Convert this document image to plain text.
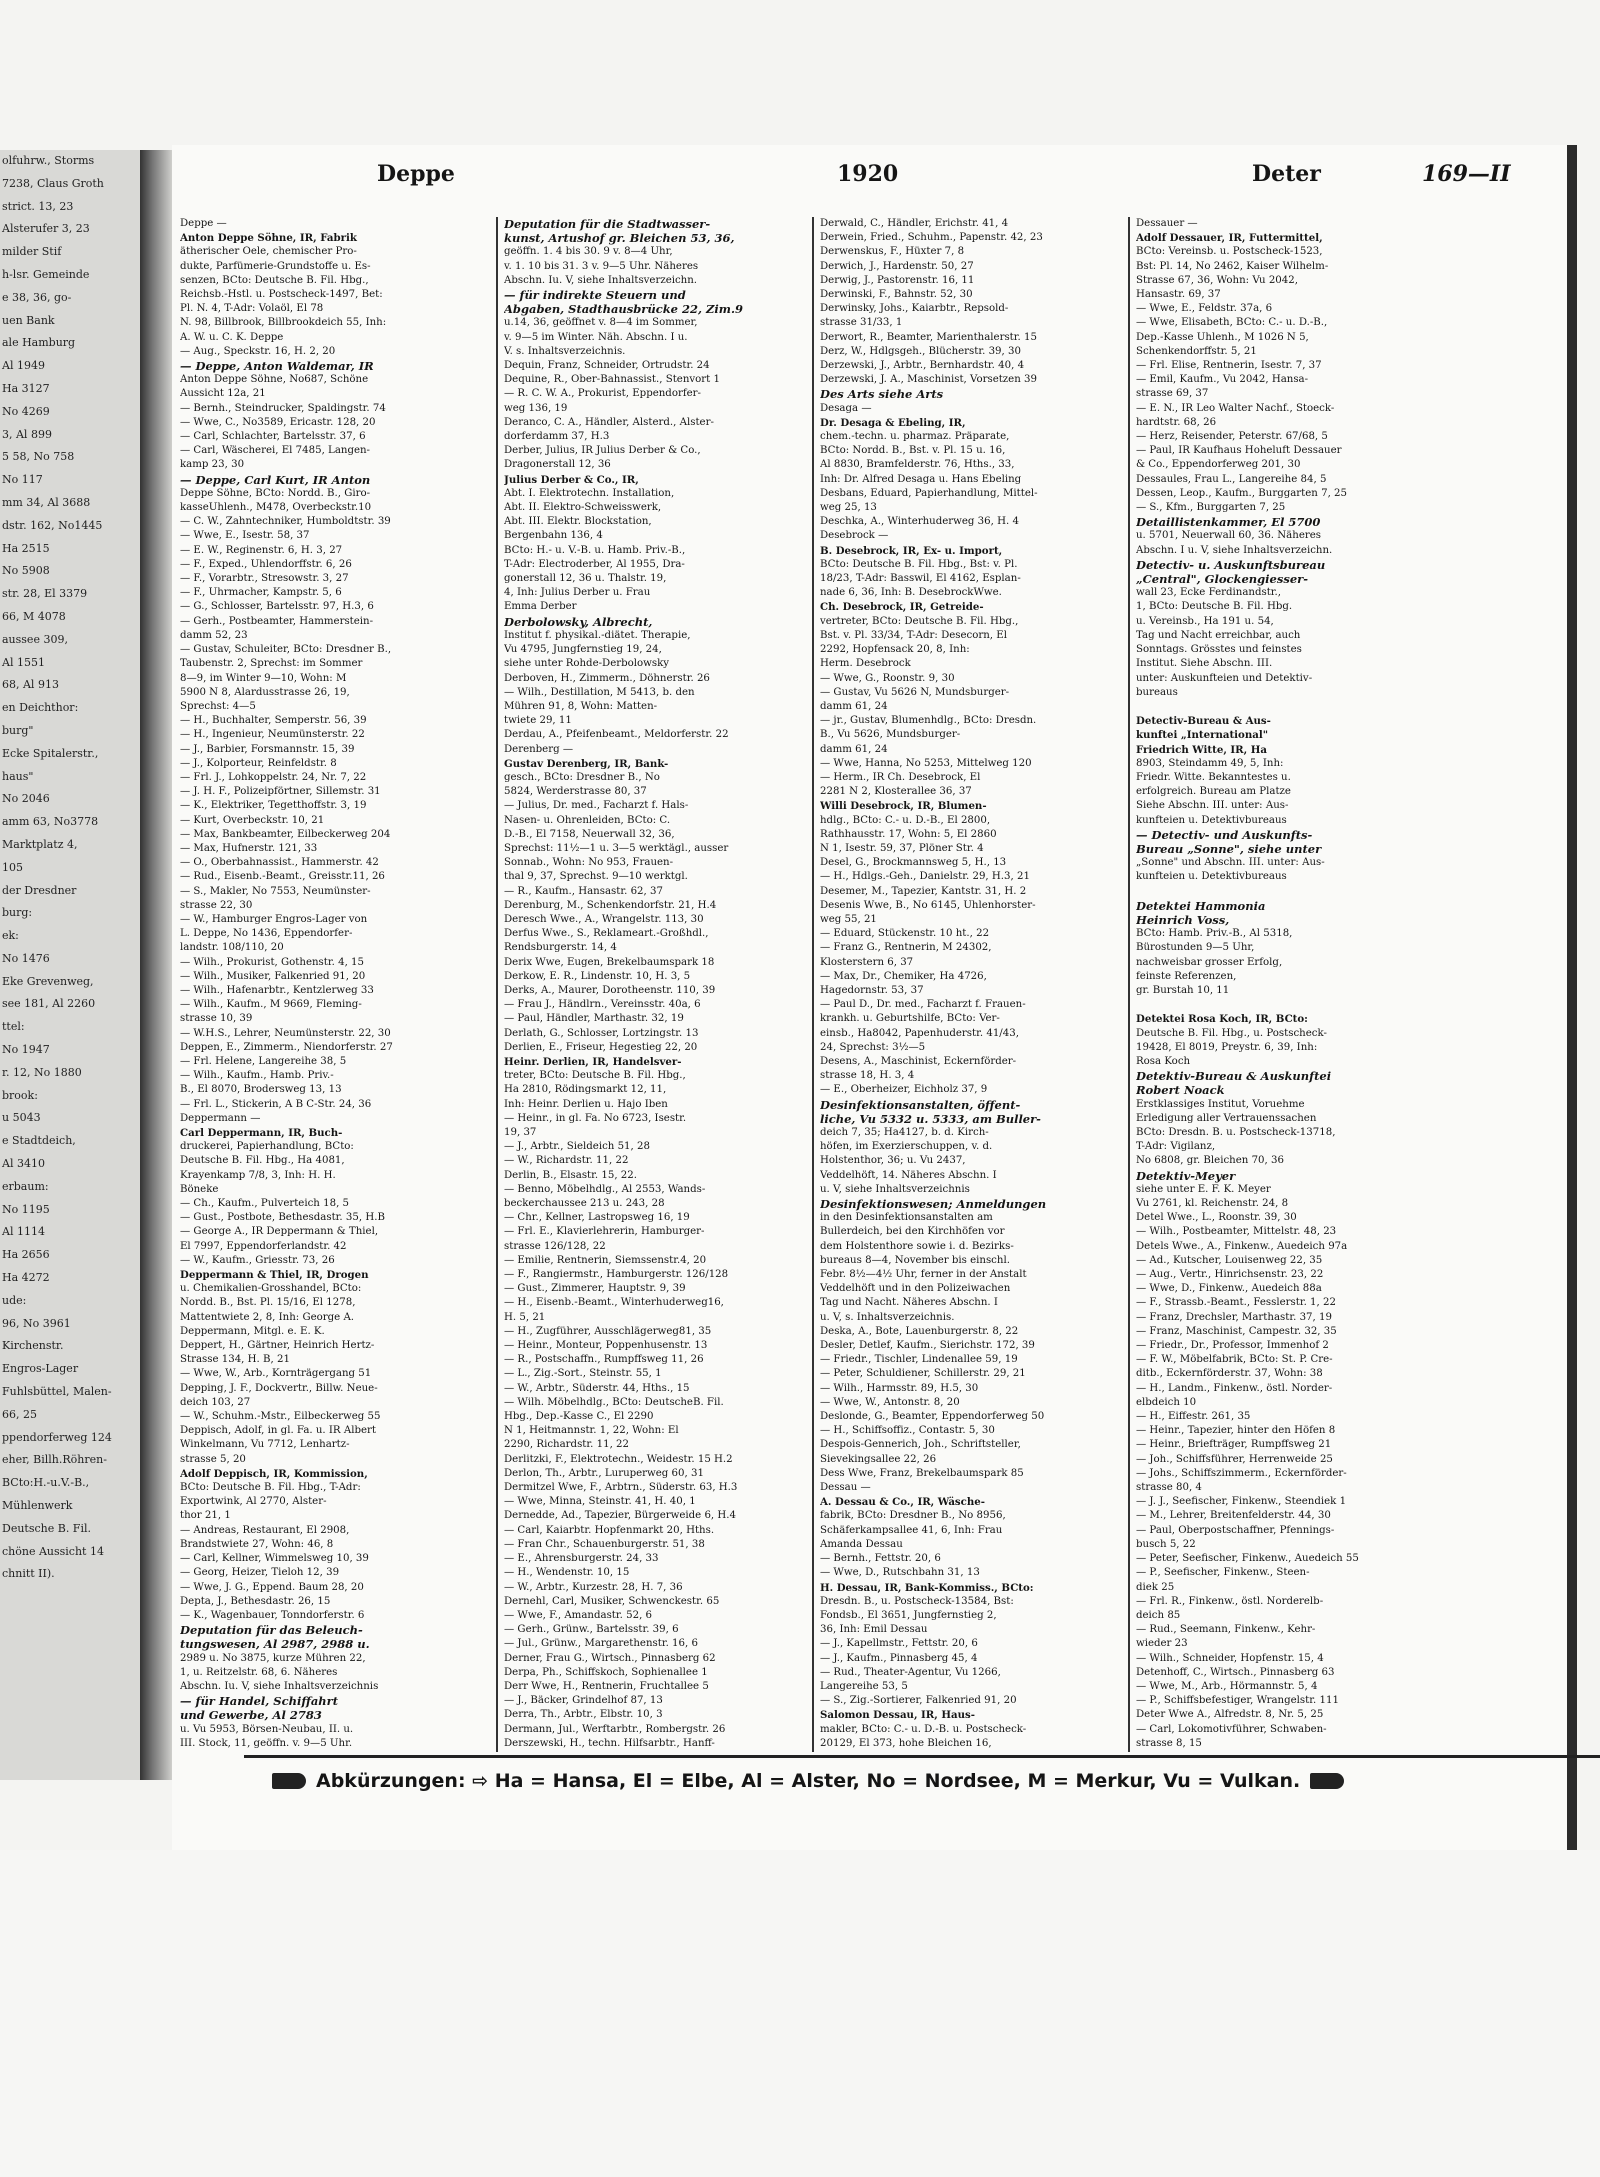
olfuhrw., Storms
7238, Claus Groth
strict. 13, 23
Alsterufer 3, 23
milder Stif
h-lsr. Gemeinde
e 38, 36, go-
uen Bank
ale Hamburg
Al 1949
Ha 3127
No 4269
3, Al 899
5 58, No 758
No 117
mm 34, Al 3688
dstr. 162, No1445
Ha 2515
No 5908
str. 28, El 3379
66, M 4078
aussee 309,
Al 1551
68, Al 913
en Deichthor:
burg"
Ecke Spitalerstr.,
haus"
No 2046
amm 63, No3778
Marktplatz 4,
105
der Dresdner
burg:
ek:
No 1476
Eke Grevenweg,
see 181, Al 2260
ttel:
No 1947
r. 12, No 1880
brook:
u 5043
e Stadtdeich,
Al 3410
erbaum:
No 1195
Al 1114
Ha 2656
Ha 4272
ude:
96, No 3961
Kirchenstr.
Engros-Lager
Fuhlsbüttel, Malen-
66, 25
ppendorferweg 124
eher, Billh.Röhren-
BCto:H.-u.V.-B.,
Mühlenwerk
Deutsche B. Fil.
chöne Aussicht 14
chnitt II).
Deppe	1920	Deter	169—II
Deppe —
Anton Deppe Söhne, IR, Fabrik
ätherischer Oele, chemischer Pro-
dukte, Parfümerie-Grundstoffe u. Es-
senzen, BCto: Deutsche B. Fil. Hbg.,
Reichsb.-Hstl. u. Postscheck-1497, Bet:
Pl. N. 4, T-Adr: Volaöl, El 78
N. 98, Billbrook, Billbrookdeich 55, Inh:
A. W. u. C. K. Deppe
— Aug., Speckstr. 16, H. 2, 20
— Deppe, Anton Waldemar, IR
Anton Deppe Söhne, No687, Schöne
Aussicht 12a, 21
— Bernh., Steindrucker, Spaldingstr. 74
— Wwe, C., No3589, Ericastr. 128, 20
— Carl, Schlachter, Bartelsstr. 37, 6
— Carl, Wäscherei, El 7485, Langen-
kamp 23, 30
— Deppe, Carl Kurt, IR Anton
Deppe Söhne, BCto: Nordd. B., Giro-
kasseUhlenh., M478, Overbeckstr.10
— C. W., Zahntechniker, Humboldtstr. 39
— Wwe, E., Isestr. 58, 37
— E. W., Reginenstr. 6, H. 3, 27
— F., Exped., Uhlendorffstr. 6, 26
— F., Vorarbtr., Stresowstr. 3, 27
— F., Uhrmacher, Kampstr. 5, 6
— G., Schlosser, Bartelsstr. 97, H.3, 6
— Gerh., Postbeamter, Hammerstein-
damm 52, 23
— Gustav, Schuleiter, BCto: Dresdner B.,
Taubenstr. 2, Sprechst: im Sommer
8—9, im Winter 9—10, Wohn: M
5900 N 8, Alardusstrasse 26, 19,
Sprechst: 4—5
— H., Buchhalter, Semperstr. 56, 39
— H., Ingenieur, Neumünsterstr. 22
— J., Barbier, Forsmannstr. 15, 39
— J., Kolporteur, Reinfeldstr. 8
— Frl. J., Lohkoppelstr. 24, Nr. 7, 22
— J. H. F., Polizeipförtner, Sillemstr. 31
— K., Elektriker, Tegetthoffstr. 3, 19
— Kurt, Overbeckstr. 10, 21
— Max, Bankbeamter, Eilbeckerweg 204
— Max, Hufnerstr. 121, 33
— O., Oberbahnassist., Hammerstr. 42
— Rud., Eisenb.-Beamt., Greisstr.11, 26
— S., Makler, No 7553, Neumünster-
strasse 22, 30
— W., Hamburger Engros-Lager von
L. Deppe, No 1436, Eppendorfer-
landstr. 108/110, 20
— Wilh., Prokurist, Gothenstr. 4, 15
— Wilh., Musiker, Falkenried 91, 20
— Wilh., Hafenarbtr., Kentzlerweg 33
— Wilh., Kaufm., M 9669, Fleming-
strasse 10, 39
— W.H.S., Lehrer, Neumünsterstr. 22, 30
Deppen, E., Zimmerm., Niendorferstr. 27
— Frl. Helene, Langereihe 38, 5
— Wilh., Kaufm., Hamb. Priv.-
B., El 8070, Brodersweg 13, 13
— Frl. L., Stickerin, A B C-Str. 24, 36
Deppermann —
Carl Deppermann, IR, Buch-
druckerei, Papierhandlung, BCto:
Deutsche B. Fil. Hbg., Ha 4081,
Krayenkamp 7/8, 3, Inh: H. H.
Böneke
— Ch., Kaufm., Pulverteich 18, 5
— Gust., Postbote, Bethesdastr. 35, H.B
— George A., IR Deppermann & Thiel,
El 7997, Eppendorferlandstr. 42
— W., Kaufm., Griesstr. 73, 26
Deppermann & Thiel, IR, Drogen
u. Chemikalien-Grosshandel, BCto:
Nordd. B., Bst. Pl. 15/16, El 1278,
Mattentwiete 2, 8, Inh: George A.
Deppermann, Mitgl. e. E. K.
Deppert, H., Gärtner, Heinrich Hertz-
Strasse 134, H. B, 21
— Wwe, W., Arb., Kornträgergang 51
Depping, J. F., Dockvertr., Billw. Neue-
deich 103, 27
— W., Schuhm.-Mstr., Eilbeckerweg 55
Deppisch, Adolf, in gl. Fa. u. IR Albert
Winkelmann, Vu 7712, Lenhartz-
strasse 5, 20
Adolf Deppisch, IR, Kommission,
BCto: Deutsche B. Fil. Hbg., T-Adr:
Exportwink, Al 2770, Alster-
thor 21, 1
— Andreas, Restaurant, El 2908,
Brandstwiete 27, Wohn: 46, 8
— Carl, Kellner, Wimmelsweg 10, 39
— Georg, Heizer, Tieloh 12, 39
— Wwe, J. G., Eppend. Baum 28, 20
Depta, J., Bethesdastr. 26, 15
— K., Wagenbauer, Tonndorferstr. 6
Deputation für das Beleuch-
tungswesen, Al 2987, 2988 u.
2989 u. No 3875, kurze Mühren 22,
1, u. Reitzelstr. 68, 6. Näheres
Abschn. Iu. V, siehe Inhaltsverzeichnis
— für Handel, Schiffahrt
und Gewerbe, Al 2783
u. Vu 5953, Börsen-Neubau, II. u.
III. Stock, 11, geöffn. v. 9—5 Uhr.
Deputation für die Stadtwasser-
kunst, Artushof gr. Bleichen 53, 36,
geöffn. 1. 4 bis 30. 9 v. 8—4 Uhr,
v. 1. 10 bis 31. 3 v. 9—5 Uhr. Näheres
Abschn. Iu. V, siehe Inhaltsverzeichn.
— für indirekte Steuern und
Abgaben, Stadthausbrücke 22, Zim.9
u.14, 36, geöffnet v. 8—4 im Sommer,
v. 9—5 im Winter. Näh. Abschn. I u.
V. s. Inhaltsverzeichnis.
Dequin, Franz, Schneider, Ortrudstr. 24
Dequine, R., Ober-Bahnassist., Stenvort 1
— R. C. W. A., Prokurist, Eppendorfer-
weg 136, 19
Deranco, C. A., Händler, Alsterd., Alster-
dorferdamm 37, H.3
Derber, Julius, IR Julius Derber & Co.,
Dragonerstall 12, 36
Julius Derber & Co., IR,
Abt. I. Elektrotechn. Installation,
Abt. II. Elektro-Schweisswerk,
Abt. III. Elektr. Blockstation,
Bergenbahn 136, 4
BCto: H.- u. V.-B. u. Hamb. Priv.-B.,
T-Adr: Electroderber, Al 1955, Dra-
gonerstall 12, 36 u. Thalstr. 19,
4, Inh: Julius Derber u. Frau
Emma Derber
Derbolowsky, Albrecht,
Institut f. physikal.-diätet. Therapie,
Vu 4795, Jungfernstieg 19, 24,
siehe unter Rohde-Derbolowsky
Derboven, H., Zimmerm., Döhnerstr. 26
— Wilh., Destillation, M 5413, b. den
Mühren 91, 8, Wohn: Matten-
twiete 29, 11
Derdau, A., Pfeifenbeamt., Meldorferstr. 22
Derenberg —
Gustav Derenberg, IR, Bank-
gesch., BCto: Dresdner B., No
5824, Werderstrasse 80, 37
— Julius, Dr. med., Facharzt f. Hals-
Nasen- u. Ohrenleiden, BCto: C.
D.-B., El 7158, Neuerwall 32, 36,
Sprechst: 11½—1 u. 3—5 werktägl., ausser
Sonnab., Wohn: No 953, Frauen-
thal 9, 37, Sprechst. 9—10 werktgl.
— R., Kaufm., Hansastr. 62, 37
Derenburg, M., Schenkendorfstr. 21, H.4
Deresch Wwe., A., Wrangelstr. 113, 30
Derfus Wwe., S., Reklameart.-Großhdl.,
Rendsburgerstr. 14, 4
Derix Wwe, Eugen, Brekelbaumspark 18
Derkow, E. R., Lindenstr. 10, H. 3, 5
Derks, A., Maurer, Dorotheenstr. 110, 39
— Frau J., Händlrn., Vereinsstr. 40a, 6
— Paul, Händler, Marthastr. 32, 19
Derlath, G., Schlosser, Lortzingstr. 13
Derlien, E., Friseur, Hegestieg 22, 20
Heinr. Derlien, IR, Handelsver-
treter, BCto: Deutsche B. Fil. Hbg.,
Ha 2810, Rödingsmarkt 12, 11,
Inh: Heinr. Derlien u. Hajo Iben
— Heinr., in gl. Fa. No 6723, Isestr.
19, 37
— J., Arbtr., Sieldeich 51, 28
— W., Richardstr. 11, 22
Derlin, B., Elsastr. 15, 22.
— Benno, Möbelhdlg., Al 2553, Wands-
beckerchaussee 213 u. 243, 28
— Chr., Kellner, Lastropsweg 16, 19
— Frl. E., Klavierlehrerin, Hamburger-
strasse 126/128, 22
— Emilie, Rentnerin, Siemssenstr.4, 20
— F., Rangiermstr., Hamburgerstr. 126/128
— Gust., Zimmerer, Hauptstr. 9, 39
— H., Eisenb.-Beamt., Winterhuderweg16,
H. 5, 21
— H., Zugführer, Ausschlägerweg81, 35
— Heinr., Monteur, Poppenhusenstr. 13
— R., Postschaffn., Rumpffsweg 11, 26
— L., Zig.-Sort., Steinstr. 55, 1
— W., Arbtr., Süderstr. 44, Hths., 15
— Wilh. Möbelhdlg., BCto: DeutscheB. Fil.
Hbg., Dep.-Kasse C., El 2290
N 1, Heitmannstr. 1, 22, Wohn: El
2290, Richardstr. 11, 22
Derlitzki, F., Elektrotechn., Weidestr. 15 H.2
Derlon, Th., Arbtr., Luruperweg 60, 31
Dermitzel Wwe, F., Arbtrn., Süderstr. 63, H.3
— Wwe, Minna, Steinstr. 41, H. 40, 1
Dernedde, Ad., Tapezier, Bürgerweide 6, H.4
— Carl, Kaiarbtr. Hopfenmarkt 20, Hths.
— Fran Chr., Schauenburgerstr. 51, 38
— E., Ahrensburgerstr. 24, 33
— H., Wendenstr. 10, 15
— W., Arbtr., Kurzestr. 28, H. 7, 36
Dernehl, Carl, Musiker, Schwenckestr. 65
— Wwe, F., Amandastr. 52, 6
— Gerh., Grünw., Bartelsstr. 39, 6
— Jul., Grünw., Margarethenstr. 16, 6
Derner, Frau G., Wirtsch., Pinnasberg 62
Derpa, Ph., Schiffskoch, Sophienallee 1
Derr Wwe, H., Rentnerin, Fruchtallee 5
— J., Bäcker, Grindelhof 87, 13
Derra, Th., Arbtr., Elbstr. 10, 3
Dermann, Jul., Werftarbtr., Rombergstr. 26
Derszewski, H., techn. Hilfsarbtr., Hanff-
Derwald, C., Händler, Erichstr. 41, 4
Derwein, Fried., Schuhm., Papenstr. 42, 23
Derwenskus, F., Hüxter 7, 8
Derwich, J., Hardenstr. 50, 27
Derwig, J., Pastorenstr. 16, 11
Derwinski, F., Bahnstr. 52, 30
Derwinsky, Johs., Kaiarbtr., Repsold-
strasse 31/33, 1
Derwort, R., Beamter, Marienthalerstr. 15
Derz, W., Hdlgsgeh., Blücherstr. 39, 30
Derzewski, J., Arbtr., Bernhardstr. 40, 4
Derzewski, J. A., Maschinist, Vorsetzen 39
Des Arts siehe Arts
Desaga —
Dr. Desaga & Ebeling, IR,
chem.-techn. u. pharmaz. Präparate,
BCto: Nordd. B., Bst. v. Pl. 15 u. 16,
Al 8830, Bramfelderstr. 76, Hths., 33,
Inh: Dr. Alfred Desaga u. Hans Ebeling
Desbans, Eduard, Papierhandlung, Mittel-
weg 25, 13
Deschka, A., Winterhuderweg 36, H. 4
Desebrock —
B. Desebrock, IR, Ex- u. Import,
BCto: Deutsche B. Fil. Hbg., Bst: v. Pl.
18/23, T-Adr: Basswil, El 4162, Esplan-
nade 6, 36, Inh: B. DesebrockWwe.
Ch. Desebrock, IR, Getreide-
vertreter, BCto: Deutsche B. Fil. Hbg.,
Bst. v. Pl. 33/34, T-Adr: Desecorn, El
2292, Hopfensack 20, 8, Inh:
Herm. Desebrock
— Wwe, G., Roonstr. 9, 30
— Gustav, Vu 5626 N, Mundsburger-
damm 61, 24
— jr., Gustav, Blumenhdlg., BCto: Dresdn.
B., Vu 5626, Mundsburger-
damm 61, 24
— Wwe, Hanna, No 5253, Mittelweg 120
— Herm., IR Ch. Desebrock, El
2281 N 2, Klosterallee 36, 37
Willi Desebrock, IR, Blumen-
hdlg., BCto: C.- u. D.-B., El 2800,
Rathhausstr. 17, Wohn: 5, El 2860
N 1, Isestr. 59, 37, Plöner Str. 4
Desel, G., Brockmannsweg 5, H., 13
— H., Hdlgs.-Geh., Danielstr. 29, H.3, 21
Desemer, M., Tapezier, Kantstr. 31, H. 2
Desenis Wwe, B., No 6145, Uhlenhorster-
weg 55, 21
— Eduard, Stückenstr. 10 ht., 22
— Franz G., Rentnerin, M 24302,
Klosterstern 6, 37
— Max, Dr., Chemiker, Ha 4726,
Hagedornstr. 53, 37
— Paul D., Dr. med., Facharzt f. Frauen-
krankh. u. Geburtshilfe, BCto: Ver-
einsb., Ha8042, Papenhuderstr. 41/43,
24, Sprechst: 3½—5
Desens, A., Maschinist, Eckernförder-
strasse 18, H. 3, 4
— E., Oberheizer, Eichholz 37, 9
Desinfektionsanstalten, öffent-
liche, Vu 5332 u. 5333, am Buller-
deich 7, 35; Ha4127, b. d. Kirch-
höfen, im Exerzierschuppen, v. d.
Holstenthor, 36; u. Vu 2437,
Veddelhöft, 14. Näheres Abschn. I
u. V, siehe Inhaltsverzeichnis
Desinfektionswesen; Anmeldungen
in den Desinfektionsanstalten am
Bullerdeich, bei den Kirchhöfen vor
dem Holstenthore sowie i. d. Bezirks-
bureaus 8—4, November bis einschl.
Febr. 8½—4½ Uhr, ferner in der Anstalt
Veddelhöft und in den Polizeiwachen
Tag und Nacht. Näheres Abschn. I
u. V, s. Inhaltsverzeichnis.
Deska, A., Bote, Lauenburgerstr. 8, 22
Desler, Detlef, Kaufm., Sierichstr. 172, 39
— Friedr., Tischler, Lindenallee 59, 19
— Peter, Schuldiener, Schillerstr. 29, 21
— Wilh., Harmsstr. 89, H.5, 30
— Wwe, W., Antonstr. 8, 20
Deslonde, G., Beamter, Eppendorferweg 50
— H., Schiffsoffiz., Contastr. 5, 30
Despois-Gennerich, Joh., Schriftsteller,
Sievekingsallee 22, 26
Dess Wwe, Franz, Brekelbaumspark 85
Dessau —
A. Dessau & Co., IR, Wäsche-
fabrik, BCto: Dresdner B., No 8956,
Schäferkampsallee 41, 6, Inh: Frau
Amanda Dessau
— Bernh., Fettstr. 20, 6
— Wwe, D., Rutschbahn 31, 13
H. Dessau, IR, Bank-Kommiss., BCto:
Dresdn. B., u. Postscheck-13584, Bst:
Fondsb., El 3651, Jungfernstieg 2,
36, Inh: Emil Dessau
— J., Kapellmstr., Fettstr. 20, 6
— J., Kaufm., Pinnasberg 45, 4
— Rud., Theater-Agentur, Vu 1266,
Langereihe 53, 5
— S., Zig.-Sortierer, Falkenried 91, 20
Salomon Dessau, IR, Haus-
makler, BCto: C.- u. D.-B. u. Postscheck-
20129, El 373, hohe Bleichen 16,
Dessauer —
Adolf Dessauer, IR, Futtermittel,
BCto: Vereinsb. u. Postscheck-1523,
Bst: Pl. 14, No 2462, Kaiser Wilhelm-
Strasse 67, 36, Wohn: Vu 2042,
Hansastr. 69, 37
— Wwe, E., Feldstr. 37a, 6
— Wwe, Elisabeth, BCto: C.- u. D.-B.,
Dep.-Kasse Uhlenh., M 1026 N 5,
Schenkendorffstr. 5, 21
— Frl. Elise, Rentnerin, Isestr. 7, 37
— Emil, Kaufm., Vu 2042, Hansa-
strasse 69, 37
— E. N., IR Leo Walter Nachf., Stoeck-
hardtstr. 68, 26
— Herz, Reisender, Peterstr. 67/68, 5
— Paul, IR Kaufhaus Hoheluft Dessauer
& Co., Eppendorferweg 201, 30
Dessaules, Frau L., Langereihe 84, 5
Dessen, Leop., Kaufm., Burggarten 7, 25
— S., Kfm., Burggarten 7, 25
Detaillistenkammer, El 5700
u. 5701, Neuerwall 60, 36. Näheres
Abschn. I u. V, siehe Inhaltsverzeichn.
Detectiv- u. Auskunftsbureau
„Central", Glockengiesser-
wall 23, Ecke Ferdinandstr.,
1, BCto: Deutsche B. Fil. Hbg.
u. Vereinsb., Ha 191 u. 54,
Tag und Nacht erreichbar, auch
Sonntags. Grösstes und feinstes
Institut. Siehe Abschn. III.
unter: Auskunfteien und Detektiv-
bureaus

Detectiv-Bureau & Aus-
kunftei „International"
Friedrich Witte, IR, Ha
8903, Steindamm 49, 5, Inh:
Friedr. Witte. Bekanntestes u.
erfolgreich. Bureau am Platze
Siehe Abschn. III. unter: Aus-
kunfteien u. Detektivbureaus
— Detectiv- und Auskunfts-
Bureau „Sonne", siehe unter
„Sonne" und Abschn. III. unter: Aus-
kunfteien u. Detektivbureaus

Detektei Hammonia
Heinrich Voss,
BCto: Hamb. Priv.-B., Al 5318,
Bürostunden 9—5 Uhr,
nachweisbar grosser Erfolg,
feinste Referenzen,
gr. Burstah 10, 11

Detektei Rosa Koch, IR, BCto:
Deutsche B. Fil. Hbg., u. Postscheck-
19428, El 8019, Preystr. 6, 39, Inh:
Rosa Koch
Detektiv-Bureau & Auskunftei
Robert Noack
Erstklassiges Institut, Voruehme
Erledigung aller Vertrauenssachen
BCto: Dresdn. B. u. Postscheck-13718,
T-Adr: Vigilanz,
No 6808, gr. Bleichen 70, 36
Detektiv-Meyer
siehe unter E. F. K. Meyer
Vu 2761, kl. Reichenstr. 24, 8
Detel Wwe., L., Roonstr. 39, 30
— Wilh., Postbeamter, Mittelstr. 48, 23
Detels Wwe., A., Finkenw., Auedeich 97a
— Ad., Kutscher, Louisenweg 22, 35
— Aug., Vertr., Hinrichsenstr. 23, 22
— Wwe, D., Finkenw., Auedeich 88a
— F., Strassb.-Beamt., Fesslerstr. 1, 22
— Franz, Drechsler, Marthastr. 37, 19
— Franz, Maschinist, Campestr. 32, 35
— Friedr., Dr., Professor, Immenhof 2
— F. W., Möbelfabrik, BCto: St. P. Cre-
ditb., Eckernförderstr. 37, Wohn: 38
— H., Landm., Finkenw., östl. Norder-
elbdeich 10
— H., Eiffestr. 261, 35
— Heinr., Tapezier, hinter den Höfen 8
— Heinr., Briefträger, Rumpffsweg 21
— Joh., Schiffsführer, Herrenweide 25
— Johs., Schiffszimmerm., Eckernförder-
strasse 80, 4
— J. J., Seefischer, Finkenw., Steendiek 1
— M., Lehrer, Breitenfelderstr. 44, 30
— Paul, Oberpostschaffner, Pfennings-
busch 5, 22
— Peter, Seefischer, Finkenw., Auedeich 55
— P., Seefischer, Finkenw., Steen-
diek 25
— Frl. R., Finkenw., östl. Norderelb-
deich 85
— Rud., Seemann, Finkenw., Kehr-
wieder 23
— Wilh., Schneider, Hopfenstr. 15, 4
Detenhoff, C., Wirtsch., Pinnasberg 63
— Wwe, M., Arb., Hörmannstr. 5, 4
— P., Schiffsbefestiger, Wrangelstr. 111
Deter Wwe A., Alfredstr. 8, Nr. 5, 25
— Carl, Lokomotivführer, Schwaben-
strasse 8, 15
Abkürzungen: ⇨ Ha = Hansa, El = Elbe, Al = Alster, No = Nordsee, M = Merkur, Vu = Vulkan.
